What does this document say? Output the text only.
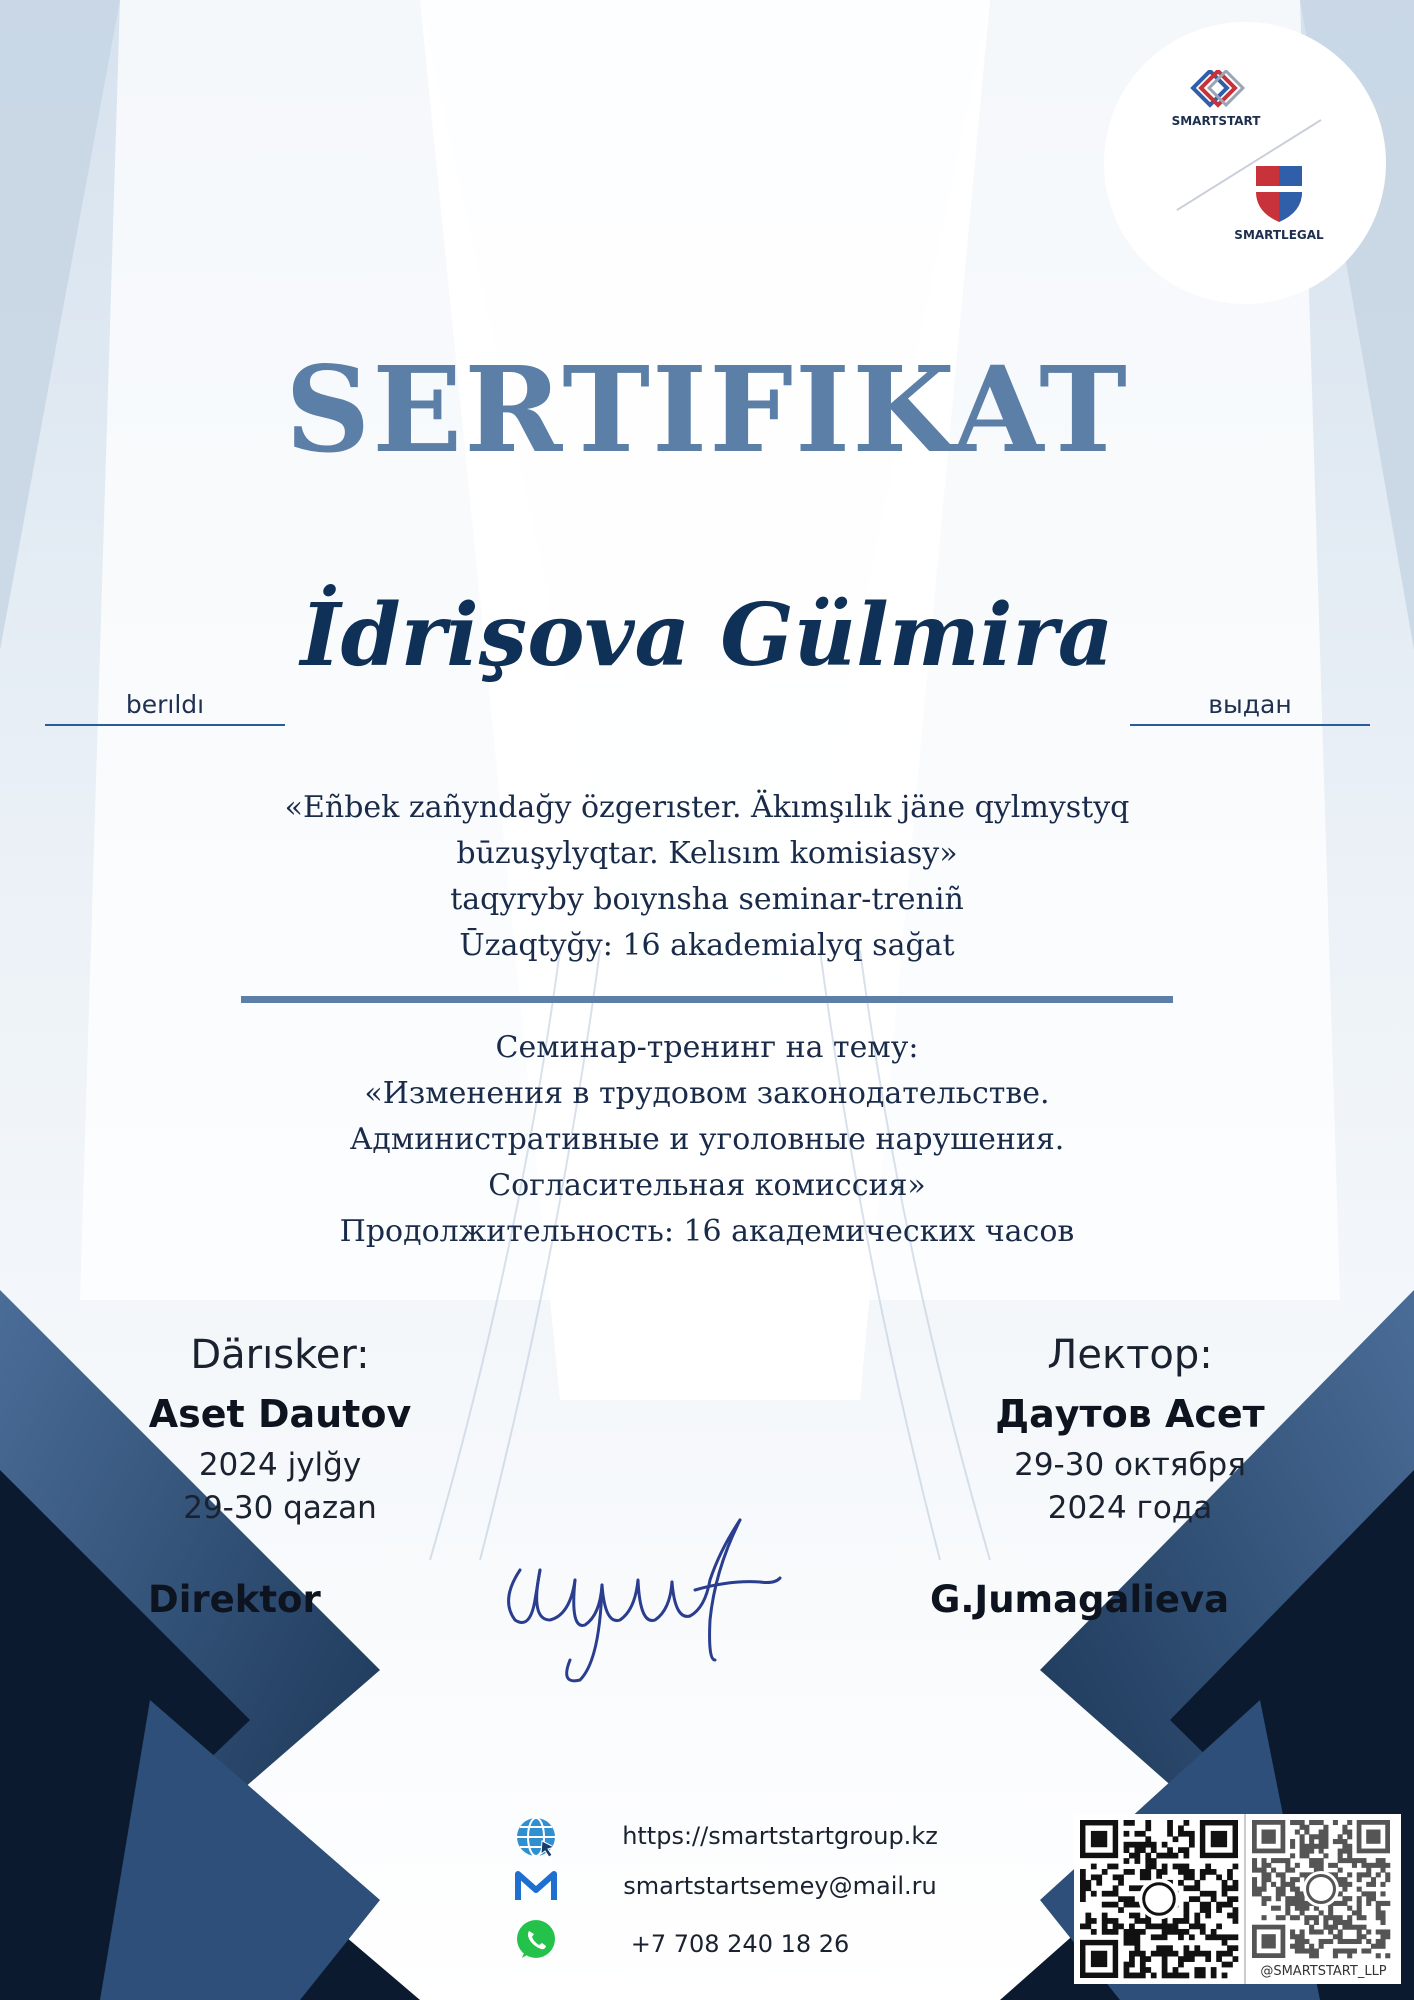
SMARTSTART
SMARTLEGAL
SERTIFIKAT
İdrişova Gülmira
berıldı	выдан
«Eñbek zañyndağy özgerıster. Äkımşılık jäne qylmystyq
būzuşylyqtar. Kelısım komisiasy»
taqyryby boıynsha seminar-treniñ
Ūzaqtyğy: 16 akademialyq sağat
Семинар-тренинг на тему:
«Изменения в трудовом законодательстве.
Административные и уголовные нарушения.
Согласительная комиссия»
Продолжительность: 16 академических часов
Därısker:
Aset Dautov
2024 jylğy
29-30 qazan
Лектор:
Даутов Асет
29-30 октября
2024 года
Direktor	G.Jumagalieva
https://smartstartgroup.kz
smartstartsemey@mail.ru
+7 708 240 18 26
@SMARTSTART_LLP
